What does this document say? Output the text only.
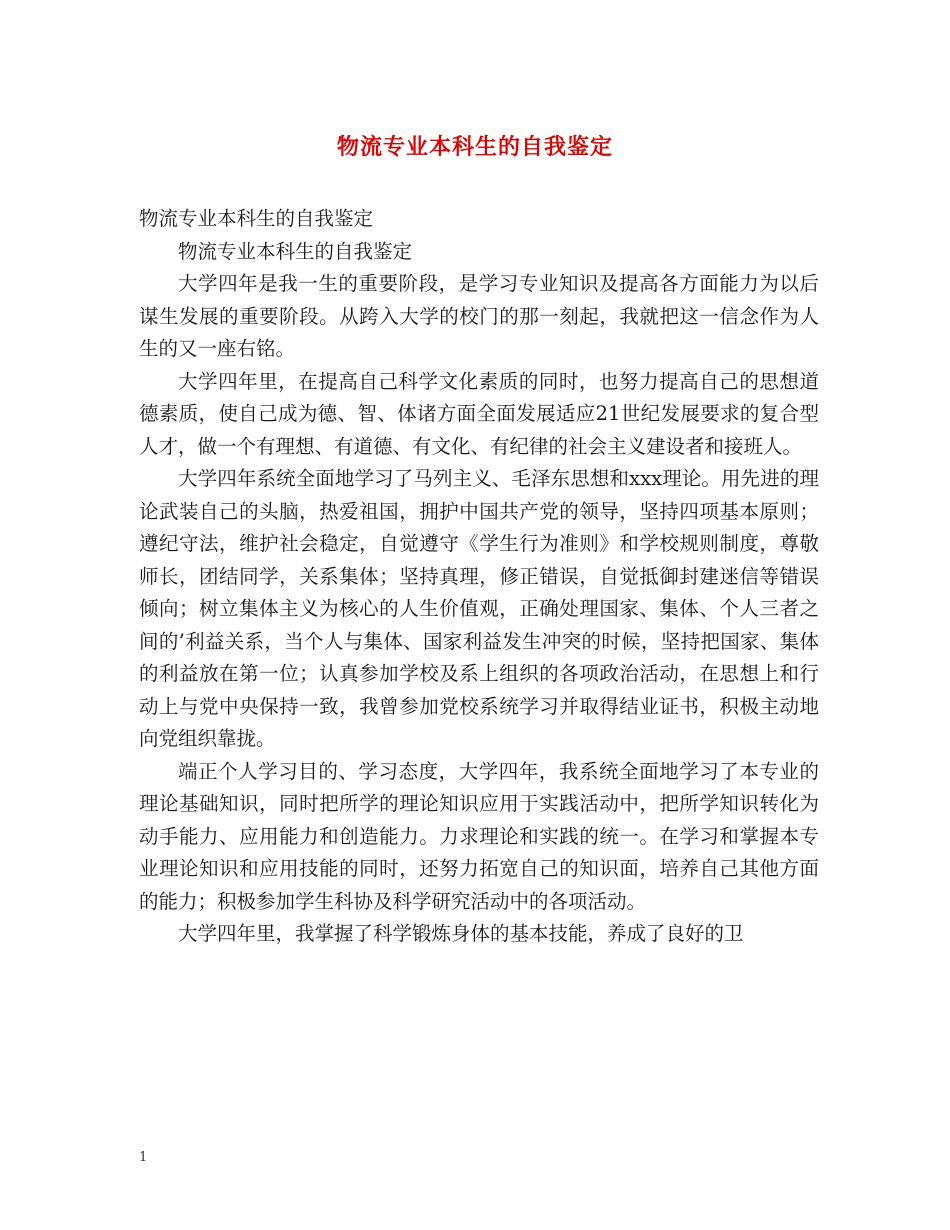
物流专业本科生的自我鉴定

物流专业本科生的自我鉴定

物流专业本科生的自我鉴定

大学四年是我一生的重要阶段，是学习专业知识及提高各方面能力为以后谋生发展的重要阶段。从跨入大学的校门的那一刻起，我就把这一信念作为人生的又一座右铭。

大学四年里，在提高自己科学文化素质的同时，也努力提高自己的思想道德素质，使自己成为德、智、体诸方面全面发展适应21世纪发展要求的复合型人才，做一个有理想、有道德、有文化、有纪律的社会主义建设者和接班人。

大学四年系统全面地学习了马列主义、毛泽东思想和xxx理论。用先进的理论武装自己的头脑，热爱祖国，拥护中国共产党的领导，坚持四项基本原则；遵纪守法，维护社会稳定，自觉遵守《学生行为准则》和学校规则制度，尊敬师长，团结同学，关系集体；坚持真理，修正错误，自觉抵御封建迷信等错误倾向；树立集体主义为核心的人生价值观，正确处理国家、集体、个人三者之间的’利益关系，当个人与集体、国家利益发生冲突的时候，坚持把国家、集体的利益放在第一位；认真参加学校及系上组织的各项政治活动，在思想上和行动上与党中央保持一致，我曾参加党校系统学习并取得结业证书，积极主动地向党组织靠拢。

端正个人学习目的、学习态度，大学四年，我系统全面地学习了本专业的理论基础知识，同时把所学的理论知识应用于实践活动中，把所学知识转化为动手能力、应用能力和创造能力。力求理论和实践的统一。在学习和掌握本专业理论知识和应用技能的同时，还努力拓宽自己的知识面，培养自己其他方面的能力；积极参加学生科协及科学研究活动中的各项活动。

大学四年里，我掌握了科学锻炼身体的基本技能，养成了良好的卫

1
